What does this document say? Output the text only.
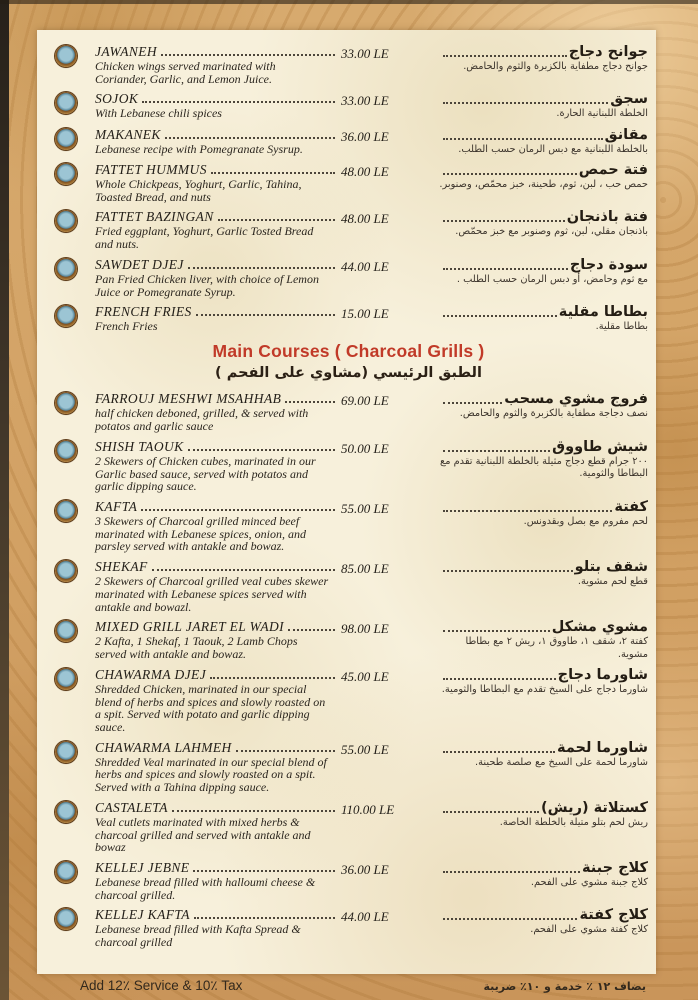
JAWANEH
Chicken wings served marinated with Coriander, Garlic, and Lemon Juice.
33.00 LE	جوانح دجاج
جوانح دجاج مطفاية بالكزبرة والثوم والحامض.
SOJOK
With Lebanese chili spices
33.00 LE	سجق
الخلطة اللبنانية الحارة.
MAKANEK
Lebanese recipe with Pomegranate Sysrup.
36.00 LE	مقانق
بالخلطة اللبنانية مع دبس الرمان حسب الطلب.
FATTET HUMMUS
Whole Chickpeas, Yoghurt, Garlic, Tahina, Toasted Bread, and nuts
48.00 LE	فتة حمص
حمص حب ، لبن، ثوم، طحينة، خبز محمّص، وصنوبر.
FATTET BAZINGAN
Fried eggplant, Yoghurt, Garlic Tosted Bread and nuts.
48.00 LE	فتة باذنجان
باذنجان مقلي، لبن، ثوم وصنوبر مع خبز محمّص.
SAWDET DJEJ
Pan Fried Chicken liver, with choice of Lemon Juice or Pomegranate Syrup.
44.00 LE	سودة دجاج
مع ثوم وحامض، أو دبس الرمان حسب الطلب .
FRENCH FRIES
French Fries
15.00 LE	بطاطا مقلية
بطاطا مقلية.
Main Courses ( Charcoal Grills )
الطبق الرئيسي (مشاوي على الفحم )
FARROUJ MESHWI MSAHHAB
half chicken deboned, grilled, & served with potatos and garlic sauce
69.00 LE	فروج مشوي مسحب
نصف دجاجة مطفاية بالكزبرة والثوم والحامض.
SHISH TAOUK
2 Skewers of Chicken cubes, marinated in our Garlic based sauce, served with potatos and garlic dipping sauce.
50.00 LE	شيش طاووق
٢٠٠ جرام قطع دجاج مثيلة بالخلطة اللبنانية تقدم مع البطاطا والثومية.
KAFTA
3 Skewers of Charcoal grilled minced beef marinated with Lebanese spices, onion, and parsley served with antakle and bowaz.
55.00 LE	كفتة
لحم مفروم مع بصل وبقدونس.
SHEKAF
2 Skewers of Charcoal grilled veal cubes skewer marinated with Lebanese spices served with antakle and bowazl.
85.00 LE	شقف بتلو
قطع لحم مشوية.
MIXED GRILL JARET EL WADI
2 Kafta, 1 Shekaf, 1 Taouk, 2 Lamb Chops served with antakle and bowaz.
98.00 LE	مشوي مشكل
كفتة ٢، شقف ١، طاووق ١، ريش ٢ مع بطاطا مشوية.
CHAWARMA DJEJ
Shredded Chicken, marinated in our special blend of herbs and spices and slowly roasted on a spit. Served with potato and garlic dipping sauce.
45.00 LE	شاورما دجاج
شاورما دجاج على السيخ تقدم مع البطاطا والثومية.
CHAWARMA LAHMEH
Shredded Veal marinated in our special blend of herbs and spices and slowly roasted on a spit. Served with a Tahina dipping sauce.
55.00 LE	شاورما لحمة
شاورما لحمة على السيخ مع صلصة طحينة.
CASTALETA
Veal cutlets marinated with mixed herbs & charcoal grilled and served with antakle and bowaz
110.00 LE	كستلاتة (ريش)
ريش لحم بتلو متيلة بالخلطة الخاصة.
KELLEJ JEBNE
Lebanese bread filled with halloumi cheese & charcoal grilled.
36.00 LE	كلاج جبنة
كلاج جبنة مشوي على الفحم.
KELLEJ KAFTA
Lebanese bread filled with Kafta Spread & charcoal grilled
44.00 LE	كلاج كفتة
كلاج كفتة مشوي على الفحم.
Add 12٪ Service & 10٪ Tax	يضاف ١٢ ٪ خدمة و ١٠٪ ضريبة
